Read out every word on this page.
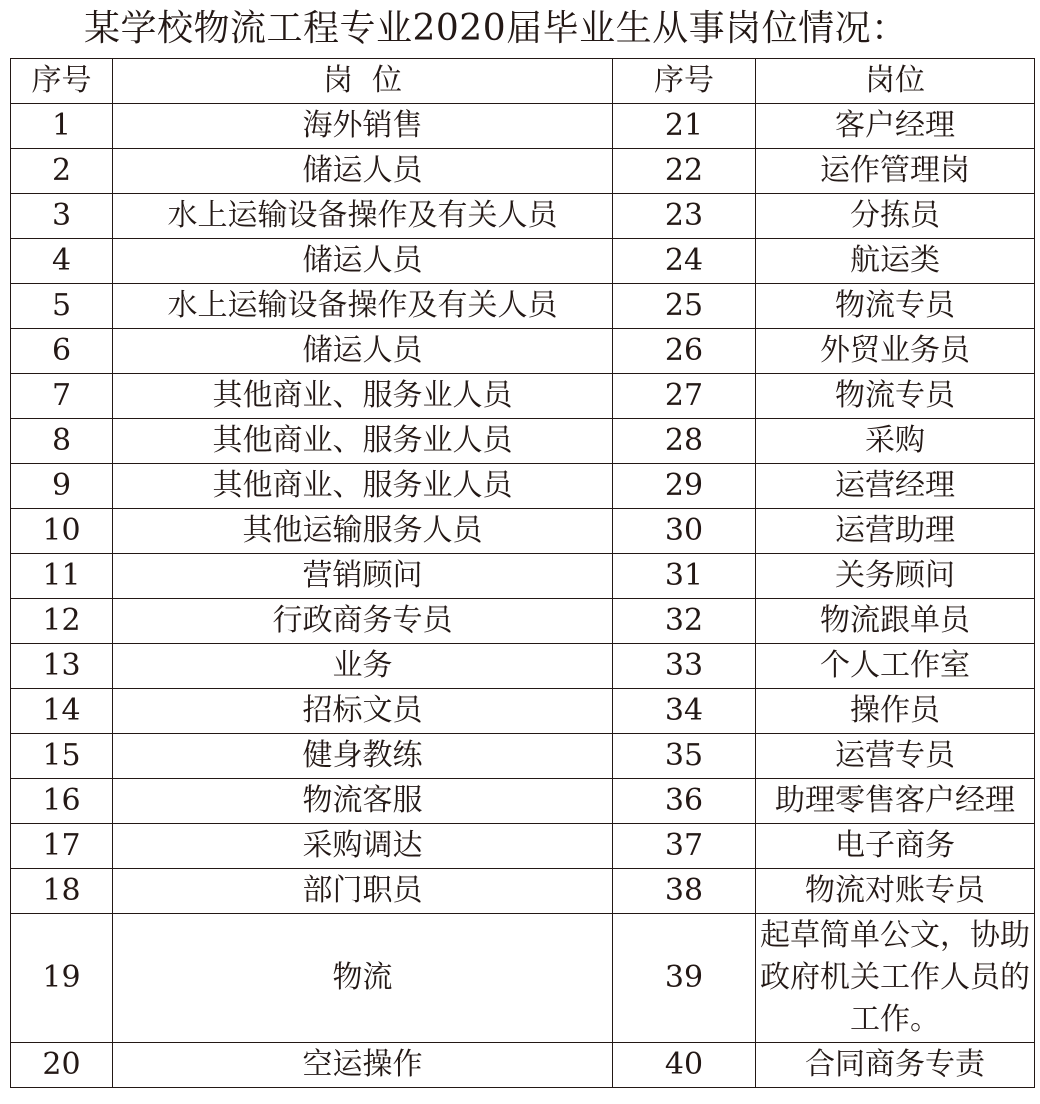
某学校物流工程专业2020届毕业生从事岗位情况：
序号	岗  位	序号	岗位
1	海外销售	21	客户经理
2	储运人员	22	运作管理岗
3	水上运输设备操作及有关人员	23	分拣员
4	储运人员	24	航运类
5	水上运输设备操作及有关人员	25	物流专员
6	储运人员	26	外贸业务员
7	其他商业、服务业人员	27	物流专员
8	其他商业、服务业人员	28	采购
9	其他商业、服务业人员	29	运营经理
10	其他运输服务人员	30	运营助理
11	营销顾问	31	关务顾问
12	行政商务专员	32	物流跟单员
13	业务	33	个人工作室
14	招标文员	34	操作员
15	健身教练	35	运营专员
16	物流客服	36	助理零售客户经理
17	采购调达	37	电子商务
18	部门职员	38	物流对账专员
19	物流	39	起草简单公文，协助政府机关工作人员的工作。
20	空运操作	40	合同商务专责
